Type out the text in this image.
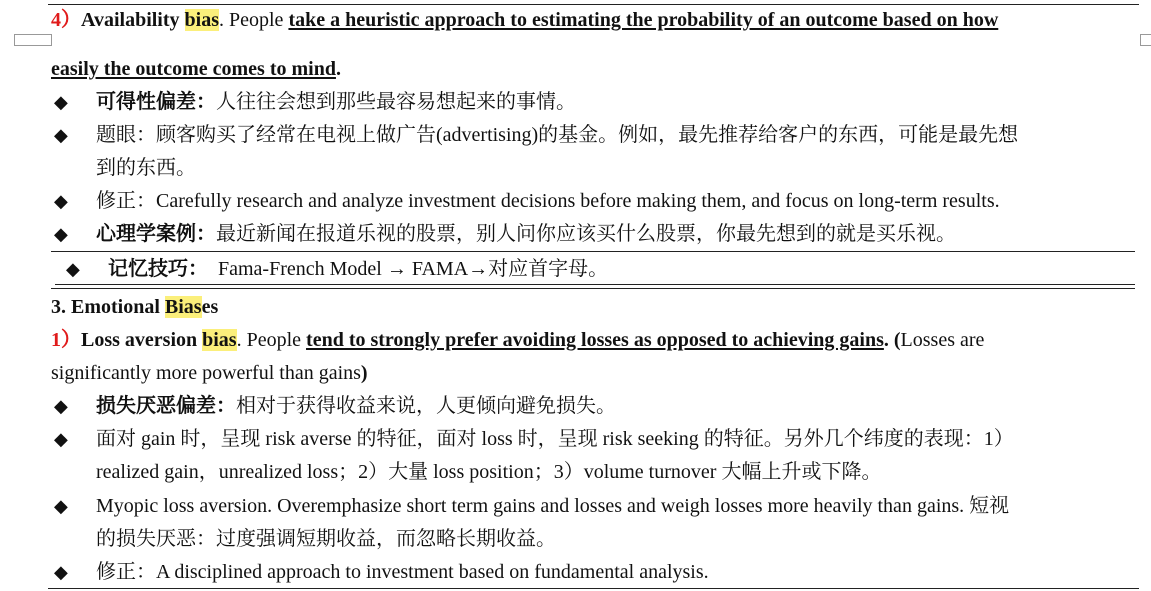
4）Availability bias. People take a heuristic approach to estimating the probability of an outcome based on how
easily the outcome comes to mind.
◆ 可得性偏差：人往往会想到那些最容易想起来的事情。
◆ 题眼：顾客购买了经常在电视上做广告(advertising)的基金。例如，最先推荐给客户的东西，可能是最先想
到的东西。
◆ 修正：Carefully research and analyze investment decisions before making them, and focus on long-term results.
◆ 心理学案例：最近新闻在报道乐视的股票，别人问你应该买什么股票，你最先想到的就是买乐视。
◆ 记忆技巧： Fama-French Model → FAMA→对应首字母。
3. Emotional Biases
1）Loss aversion bias. People tend to strongly prefer avoiding losses as opposed to achieving gains. (Losses are
significantly more powerful than gains)
◆ 损失厌恶偏差：相对于获得收益来说，人更倾向避免损失。
◆ 面对 gain 时，呈现 risk averse 的特征，面对 loss 时，呈现 risk seeking 的特征。另外几个纬度的表现：1）
realized gain，unrealized loss；2）大量 loss position；3）volume turnover 大幅上升或下降。
◆ Myopic loss aversion. Overemphasize short term gains and losses and weigh losses more heavily than gains. 短视
的损失厌恶：过度强调短期收益，而忽略长期收益。
◆ 修正：A disciplined approach to investment based on fundamental analysis.
